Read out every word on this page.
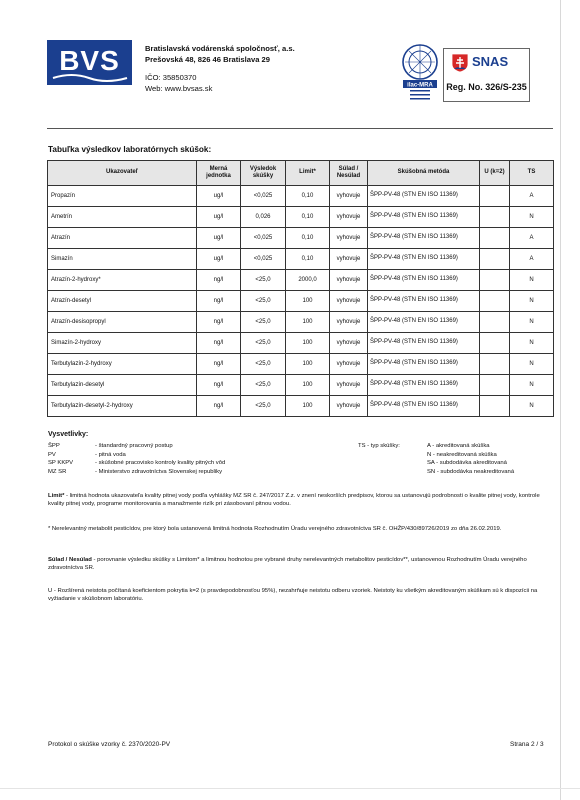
BVS	Bratislavská vodárenská spoločnosť, a.s.
Prešovská 48, 826 46 Bratislava 29
IČO: 35850370
Web: www.bvsas.sk	ilac-MRA
SNAS
Reg. No. 326/S-235
Tabuľka výsledkov laboratórnych skúšok:
Ukazovateľ	Merná jednotka	Výsledok skúšky	Limit*	Súlad / Nesúlad	Skúšobná metóda	U (k=2)	TS
Propazín	ug/l	<0,025	0,10	vyhovuje	ŠPP-PV-48 (STN EN ISO 11369)		A
Ametrín	ug/l	0,026	0,10	vyhovuje	ŠPP-PV-48 (STN EN ISO 11369)		N
Atrazín	ug/l	<0,025	0,10	vyhovuje	ŠPP-PV-48 (STN EN ISO 11369)		A
Simazín	ug/l	<0,025	0,10	vyhovuje	ŠPP-PV-48 (STN EN ISO 11369)		A
Atrazín-2-hydroxy*	ng/l	<25,0	2000,0	vyhovuje	ŠPP-PV-48 (STN EN ISO 11369)		N
Atrazín-desetyl	ng/l	<25,0	100	vyhovuje	ŠPP-PV-48 (STN EN ISO 11369)		N
Atrazín-desisopropyl	ng/l	<25,0	100	vyhovuje	ŠPP-PV-48 (STN EN ISO 11369)		N
Simazín-2-hydroxy	ng/l	<25,0	100	vyhovuje	ŠPP-PV-48 (STN EN ISO 11369)		N
Terbutylazín-2-hydroxy	ng/l	<25,0	100	vyhovuje	ŠPP-PV-48 (STN EN ISO 11369)		N
Terbutylazín-desetyl	ng/l	<25,0	100	vyhovuje	ŠPP-PV-48 (STN EN ISO 11369)		N
Terbutylazín-desetyl-2-hydroxy	ng/l	<25,0	100	vyhovuje	ŠPP-PV-48 (STN EN ISO 11369)		N
Vysvetlivky:
ŠPP	- štandardný pracovný postup
PV	- pitná voda
SP KKPV	- skúšobné pracovisko kontroly kvality pitných vôd
MZ SR	- Ministerstvo zdravotníctva Slovenskej republiky
TS - typ skúšky:	A - akreditovaná skúška
N - neakreditovaná skúška
SA - subdodávka akreditovaná
SN - subdodávka neakreditovaná
Limit* - limitná hodnota ukazovateľa kvality pitnej vody podľa vyhlášky MZ SR č. 247/2017 Z.z. v znení neskorších predpisov, ktorou sa ustanovujú podrobnosti o kvalite pitnej vody, kontrole kvality pitnej vody, programe monitorovania a manažmente rizík pri zásobovaní pitnou vodou.
* Nerelevantný metabolit pesticídov, pre ktorý bola ustanovená limitná hodnota Rozhodnutím Úradu verejného zdravotníctva SR č. OHŽP/430/89726/2019 zo dňa 26.02.2019.
Súlad / Nesúlad - porovnanie výsledku skúšky s Limitom* a limitnou hodnotou pre vybrané druhy nerelevantných metabolitov pesticídov**, ustanovenou Rozhodnutím Úradu verejného zdravotníctva SR.
U - Rozšírená neistota počítaná koeficientom pokrytia k=2 (s pravdepodobnosťou 95%), nezahrňuje neistotu odberu vzoriek. Neistoty ku všetkým akreditovaným skúškam sú k dispozícii na vyžiadanie v skúšobnom laboratóriu.
Protokol o skúške vzorky č. 2370/2020-PV	Strana 2 / 3
